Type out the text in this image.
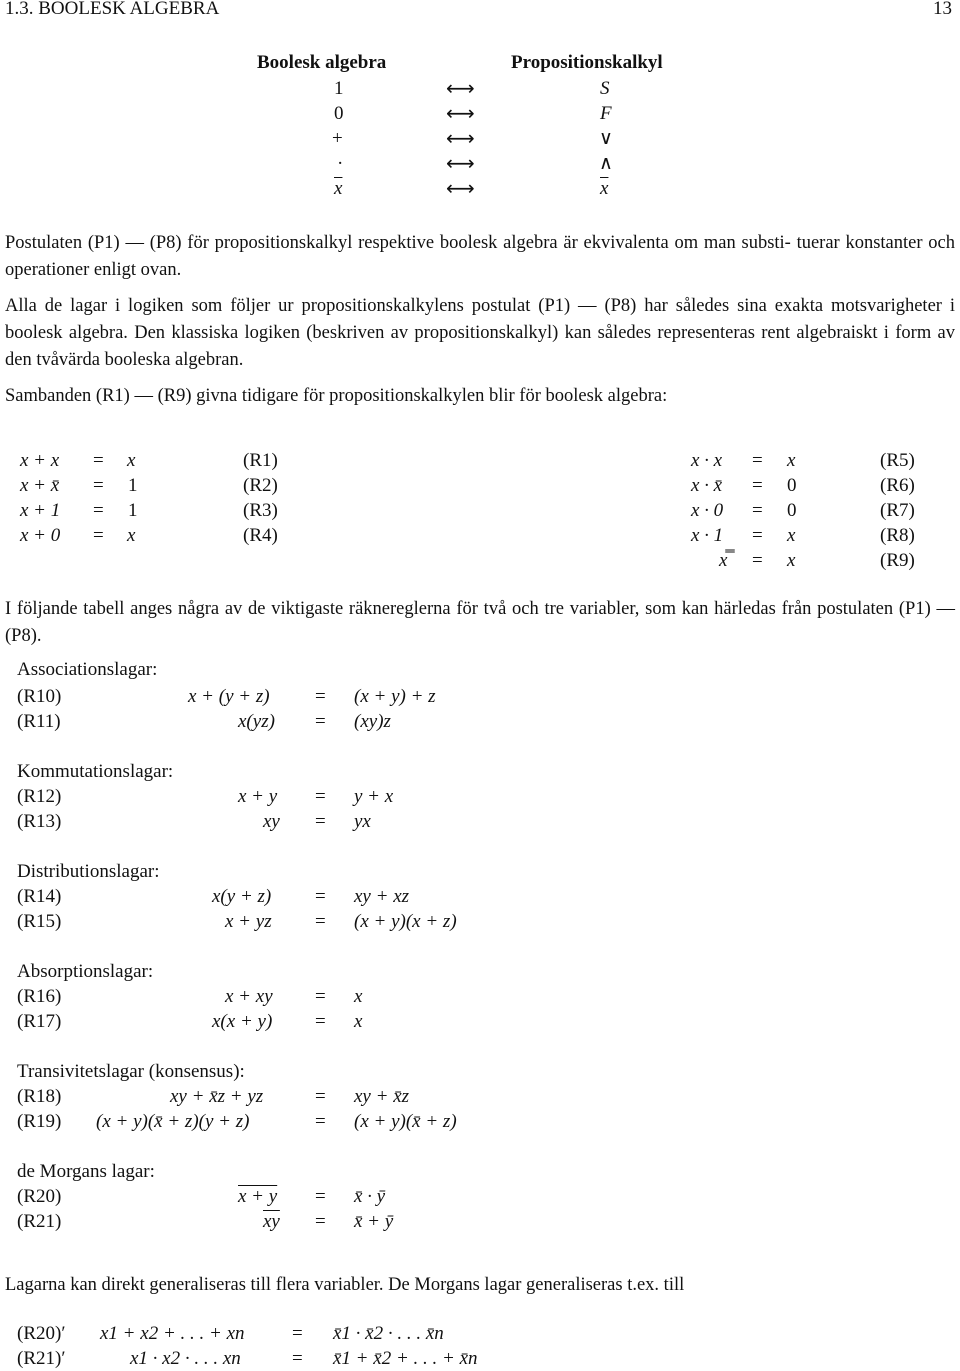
1.3. BOOLESK ALGEBRA	13
Boolesk algebra	Propositionskalkyl
1	⟷	S
0	⟷	F
+	⟷	∨
·	⟷	∧
$\overline{x}$	⟷	$\overline{x}$
Postulaten (P1) — (P8) för propositionskalkyl respektive boolesk algebra är ekvivalenta om man substi- tuerar konstanter och operationer enligt ovan.
Alla de lagar i logiken som följer ur propositionskalkylens postulat (P1) — (P8) har således sina exakta motsvarigheter i boolesk algebra. Den klassiska logiken (beskriven av propositionskalkyl) kan således representeras rent algebraiskt i form av den tvåvärda booleska algebran.
Sambanden (R1) — (R9) givna tidigare för propositionskalkylen blir för boolesk algebra:
x + x = x	(R1)
x + x̄ = 1	(R2)
x + 1 = 1	(R3)
x + 0 = x	(R4)
x · x = x	(R5)
x · x̄ = 0	(R6)
x · 0 = 0	(R7)
x · 1 = x	(R8)
x̿ = x	(R9)
I följande tabell anges några av de viktigaste räknereglerna för två och tre variabler, som kan härledas från postulaten (P1) — (P8).
Associationslagar:
(R10)	x + (y + z) = (x + y) + z
(R11)	x(yz) = (xy)z
Kommutationslagar:
(R12)	x + y = y + x
(R13)	xy = yx
Distributionslagar:
(R14)	x(y + z) = xy + xz
(R15)	x + yz = (x + y)(x + z)
Absorptionslagar:
(R16)	x + xy = x
(R17)	x(x + y) = x
Transivitetslagar (konsensus):
(R18)	xy + x̄z + yz	= xy + x̄z
(R19) (x + y)(x̄ + z)(y + z)	= (x + y)(x̄ + z)
de Morgans lagar:
(R20)	x + y = x̄ · ȳ
(R21)	$\overline{xy}$ = x̄ + ȳ
Lagarna kan direkt generaliseras till flera variabler. De Morgans lagar generaliseras t.ex. till
(R20)′ x1 + x2 + . . . + xn = x̄1 · x̄2 · . . . x̄n
(R21)′	x1 · x2 · . . . xn	= x̄1 + x̄2 + . . . + x̄n
